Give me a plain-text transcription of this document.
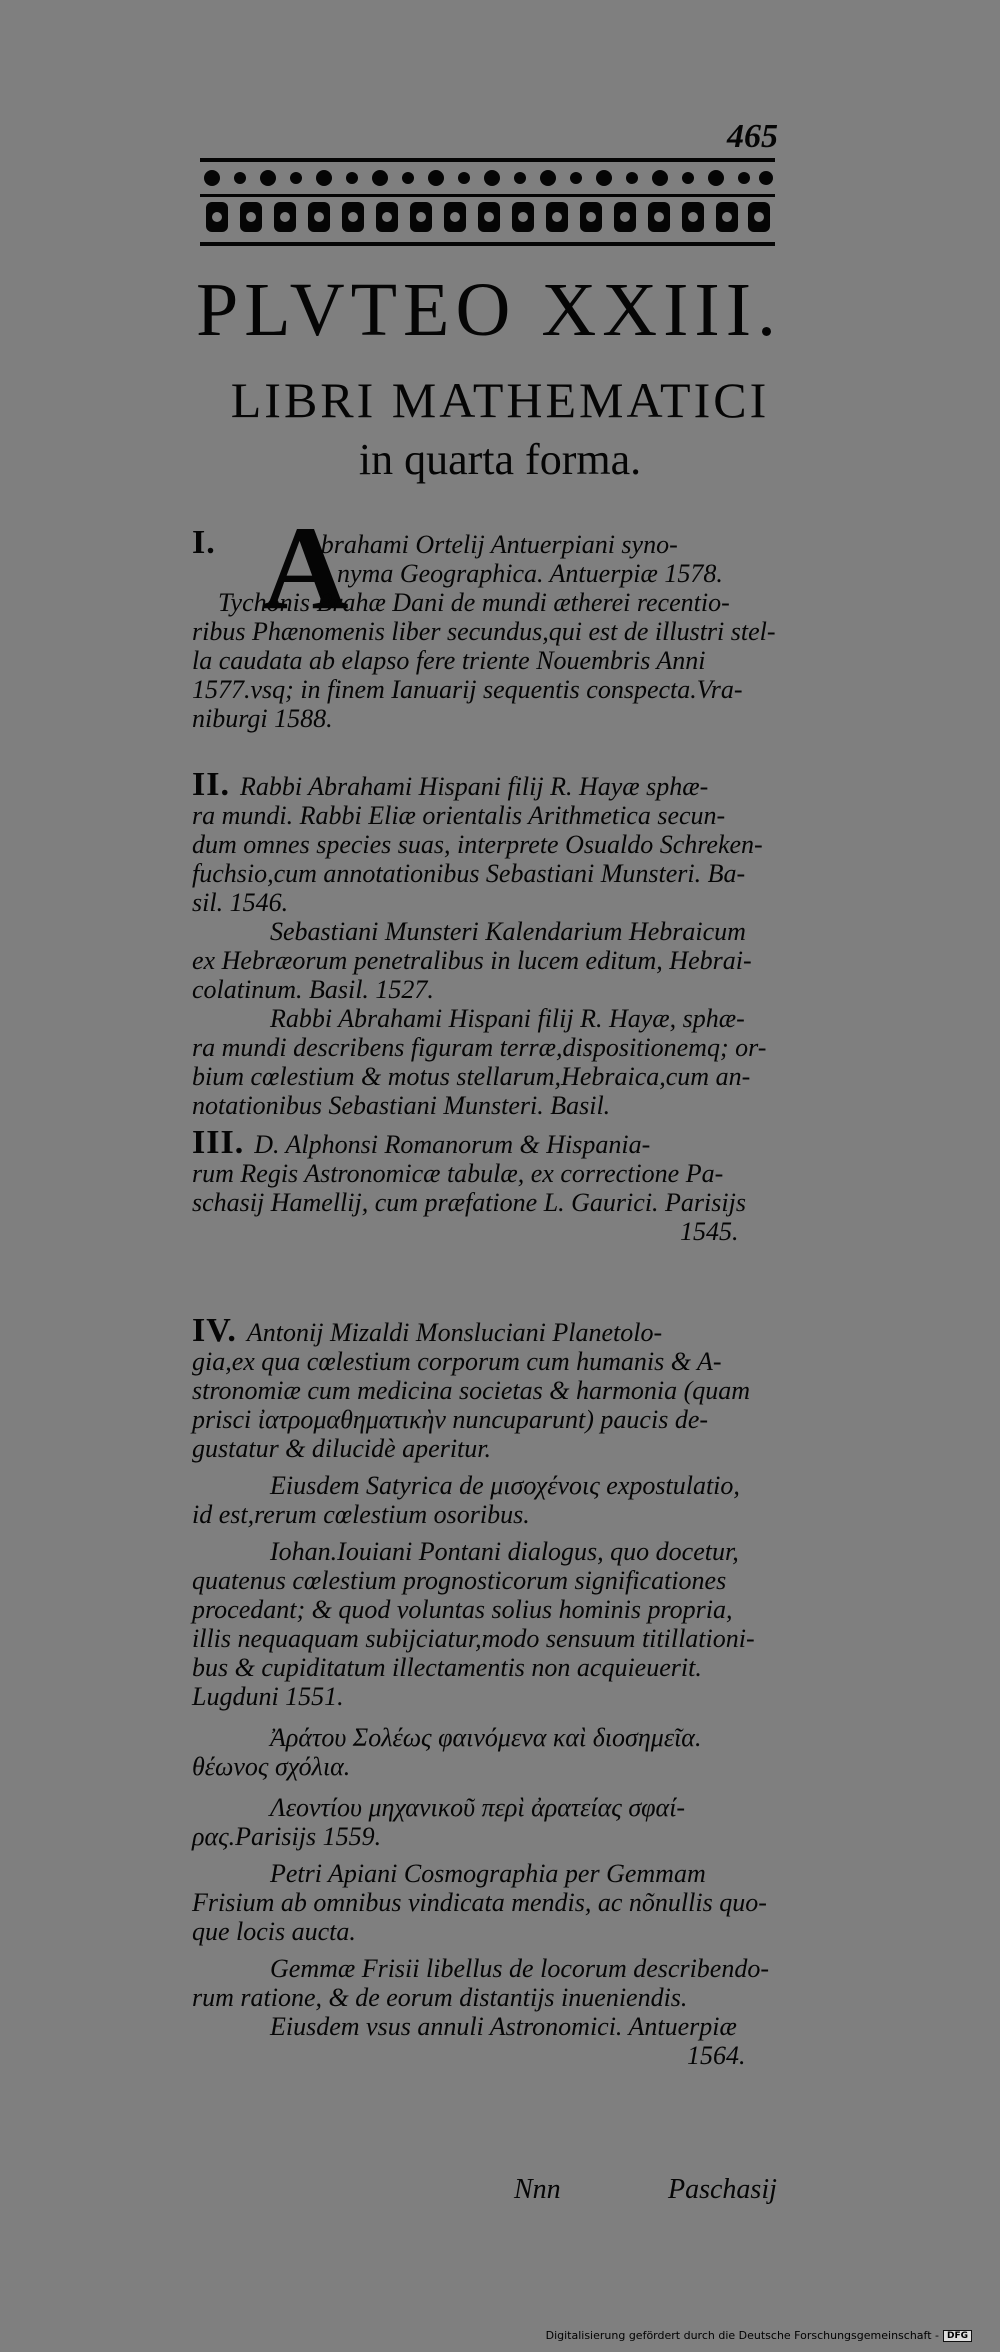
465
PLVTEO XXIII.
LIBRI MATHEMATICI
in quarta forma.
A
I.	brahami Ortelij Antuerpiani syno-
nyma Geographica. Antuerpiæ 1578.
Tychonis Brahæ Dani de mundi ætherei recentio-
ribus Phænomenis liber secundus,qui est de illustri stel-
la caudata ab elapso fere triente Nouembris Anni
1577.vsq; in finem Ianuarij sequentis conspecta.Vra-
niburgi 1588.
II. Rabbi Abrahami Hispani filij R. Hayæ sphæ-
ra mundi. Rabbi Eliæ orientalis Arithmetica secun-
dum omnes species suas, interprete Osualdo Schreken-
fuchsio,cum annotationibus Sebastiani Munsteri. Ba-
sil. 1546.
Sebastiani Munsteri Kalendarium Hebraicum
ex Hebræorum penetralibus in lucem editum, Hebrai-
colatinum. Basil. 1527.
Rabbi Abrahami Hispani filij R. Hayæ, sphæ-
ra mundi describens figuram terræ,dispositionemq; or-
bium cœlestium & motus stellarum,Hebraica,cum an-
notationibus Sebastiani Munsteri. Basil.
III. D. Alphonsi Romanorum & Hispania-
rum Regis Astronomicæ tabulæ, ex correctione Pa-
schasij Hamellij, cum præfatione L. Gaurici. Parisijs
1545.
IV. Antonij Mizaldi Monsluciani Planetolo-
gia,ex qua cœlestium corporum cum humanis & A-
stronomiæ cum medicina societas & harmonia (quam
prisci ἰατρομαθηματικὴν nuncuparunt) paucis de-
gustatur & dilucidè aperitur.
Eiusdem Satyrica de μισοχένοις expostulatio,
id est,rerum cœlestium osoribus.
Iohan.Iouiani Pontani dialogus, quo docetur,
quatenus cœlestium prognosticorum significationes
procedant; & quod voluntas solius hominis propria,
illis nequaquam subijciatur,modo sensuum titillationi-
bus & cupiditatum illectamentis non acquieuerit.
Lugduni 1551.
Ἀράτου Σολέως φαινόμενα καὶ διοσημεῖα.
θέωνος σχόλια.
Λεοντίου μηχανικοῦ περὶ ἀρατείας σφαί-
ρας.Parisijs 1559.
Petri Apiani Cosmographia per Gemmam
Frisium ab omnibus vindicata mendis, ac nõnullis quo-
que locis aucta.
Gemmæ Frisii libellus de locorum describendo-
rum ratione, & de eorum distantijs inueniendis.
Eiusdem vsus annuli Astronomici. Antuerpiæ
1564.
Nnn	Paschasij
Digitalisierung gefördert durch die Deutsche Forschungsgemeinschaft - DFG
